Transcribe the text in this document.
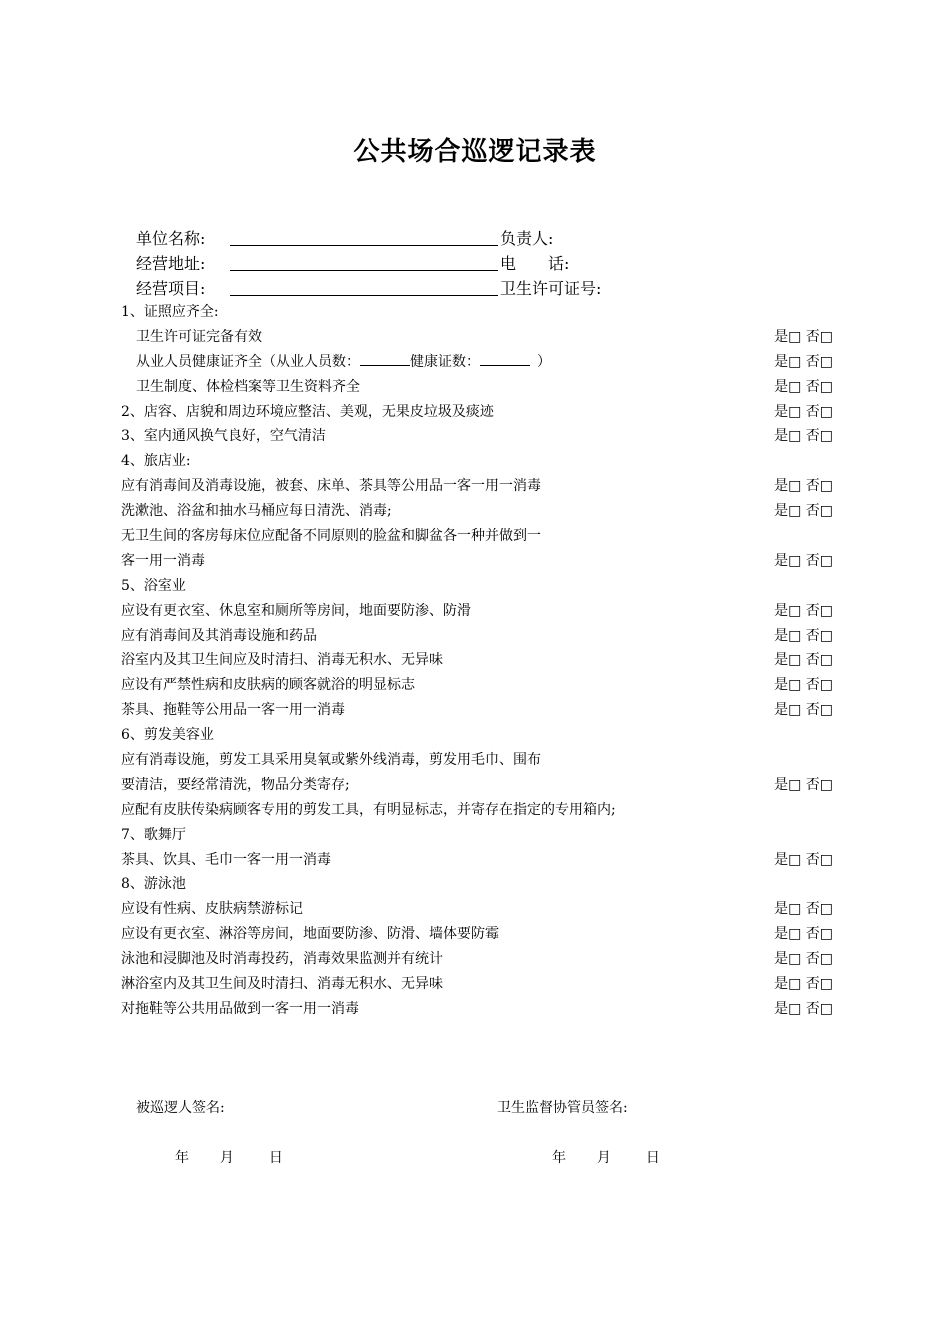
公共场合巡逻记录表
单位名称:	负责人:
经营地址:	电　　话:
经营项目:	卫生许可证号:
1、证照应齐全:
卫生许可证完备有效	是□ 否□
从业人员健康证齐全（从业人员数：	健康证数： 	）	是□ 否□
卫生制度、体检档案等卫生资料齐全	是□ 否□
2、店容、店貌和周边环境应整洁、美观，无果皮垃圾及痰迹	是□ 否□
3、室内通风换气良好，空气清洁	是□ 否□
4、旅店业:
应有消毒间及消毒设施，被套、床单、茶具等公用品一客一用一消毒	是□ 否□
洗漱池、浴盆和抽水马桶应每日清洗、消毒;	是□ 否□
无卫生间的客房每床位应配备不同原则的脸盆和脚盆各一种并做到一
客一用一消毒	是□ 否□
5、浴室业
应设有更衣室、休息室和厕所等房间，地面要防渗、防滑	是□ 否□
应有消毒间及其消毒设施和药品	是□ 否□
浴室内及其卫生间应及时清扫、消毒无积水、无异味	是□ 否□
应设有严禁性病和皮肤病的顾客就浴的明显标志	是□ 否□
茶具、拖鞋等公用品一客一用一消毒	是□ 否□
6、剪发美容业
应有消毒设施，剪发工具采用臭氧或紫外线消毒，剪发用毛巾、围布
要清洁，要经常清洗，物品分类寄存;	是□ 否□
应配有皮肤传染病顾客专用的剪发工具，有明显标志，并寄存在指定的专用箱内;
7、歌舞厅
茶具、饮具、毛巾一客一用一消毒	是□ 否□
8、游泳池
应设有性病、皮肤病禁游标记	是□ 否□
应设有更衣室、淋浴等房间，地面要防渗、防滑、墙体要防霉	是□ 否□
泳池和浸脚池及时消毒投药，消毒效果监测并有统计	是□ 否□
淋浴室内及其卫生间及时清扫、消毒无积水、无异味	是□ 否□
对拖鞋等公共用品做到一客一用一消毒	是□ 否□
被巡逻人签名:	卫生监督协管员签名:
年 月 日	年 月 日
